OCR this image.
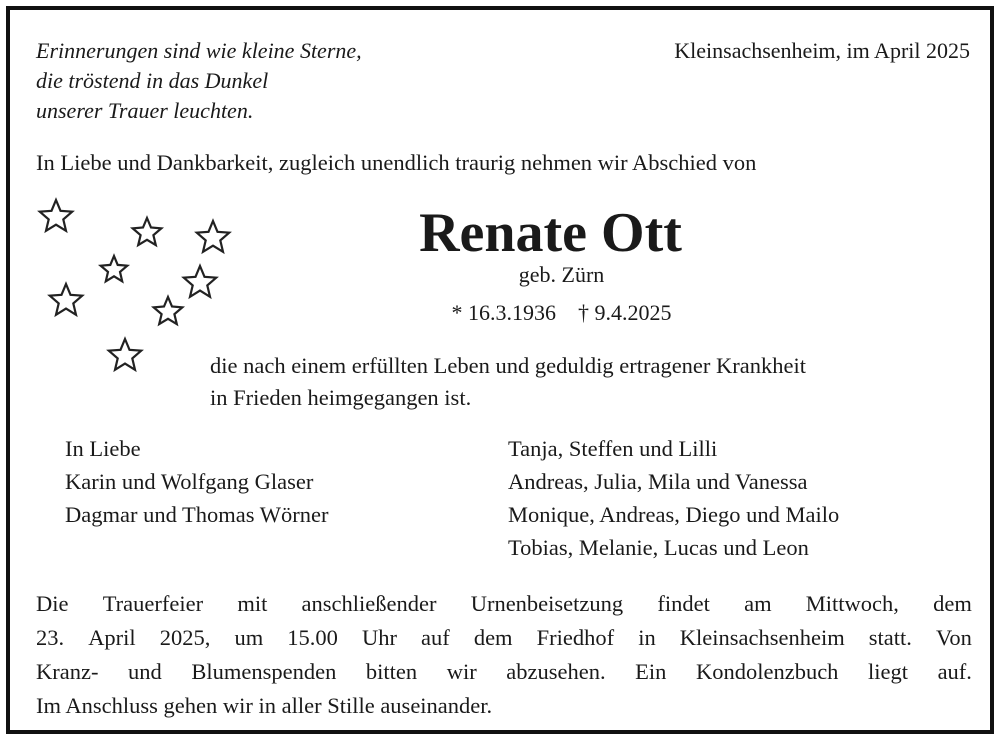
Erinnerungen sind wie kleine Sterne,
die tröstend in das Dunkel
unserer Trauer leuchten.
Kleinsachsenheim, im April 2025
In Liebe und Dankbarkeit, zugleich unendlich traurig nehmen wir Abschied von
Renate Ott
geb. Zürn
* 16.3.1936 † 9.4.2025
die nach einem erfüllten Leben und geduldig ertragener Krankheit
in Frieden heimgegangen ist.
In Liebe
Karin und Wolfgang Glaser
Dagmar und Thomas Wörner
Tanja, Steffen und Lilli
Andreas, Julia, Mila und Vanessa
Monique, Andreas, Diego und Mailo
Tobias, Melanie, Lucas und Leon
Die Trauerfeier mit anschließender Urnenbeisetzung findet am Mittwoch, dem
23. April 2025, um 15.00 Uhr auf dem Friedhof in Kleinsachsenheim statt. Von
Kranz- und Blumenspenden bitten wir abzusehen. Ein Kondolenzbuch liegt auf.
Im Anschluss gehen wir in aller Stille auseinander.
